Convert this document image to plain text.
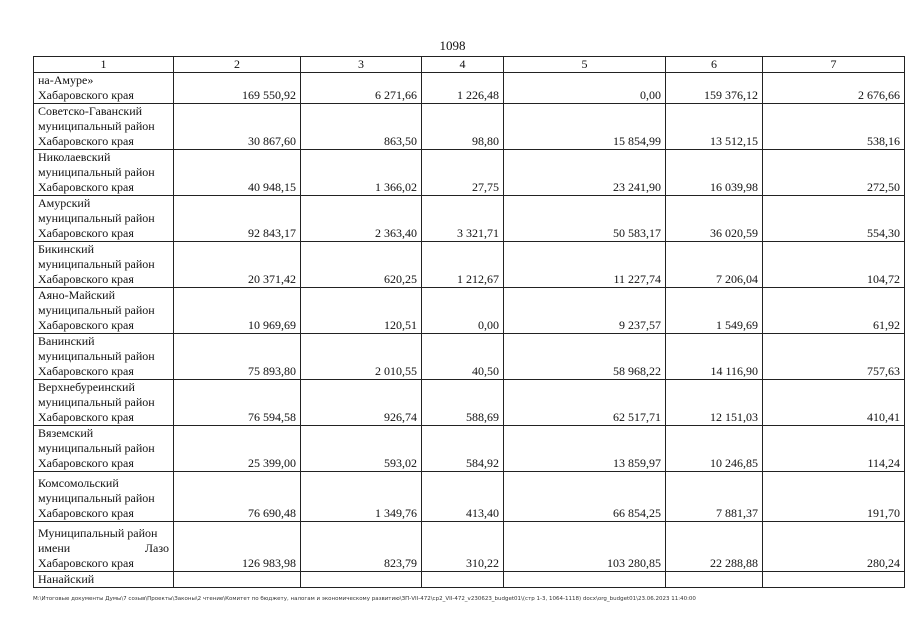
1098
1	2	3	4	5	6	7

на-Амуре»
Хабаровского края	169 550,92	6 271,66	1 226,48	0,00	159 376,12	2 676,66

Советско-Гаванский
муниципальный район
Хабаровского края	30 867,60	863,50	98,80	15 854,99	13 512,15	538,16

Николаевский
муниципальный район
Хабаровского края	40 948,15	1 366,02	27,75	23 241,90	16 039,98	272,50

Амурский
муниципальный район
Хабаровского края	92 843,17	2 363,40	3 321,71	50 583,17	36 020,59	554,30

Бикинский
муниципальный район
Хабаровского края	20 371,42	620,25	1 212,67	11 227,74	7 206,04	104,72

Аяно-Майский
муниципальный район
Хабаровского края	10 969,69	120,51	0,00	9 237,57	1 549,69	61,92

Ванинский
муниципальный район
Хабаровского края	75 893,80	2 010,55	40,50	58 968,22	14 116,90	757,63

Верхнебуреинский
муниципальный район
Хабаровского края	76 594,58	926,74	588,69	62 517,71	12 151,03	410,41

Вяземский
муниципальный район
Хабаровского края	25 399,00	593,02	584,92	13 859,97	10 246,85	114,24

Комсомольский
муниципальный район
Хабаровского края	76 690,48	1 349,76	413,40	66 854,25	7 881,37	191,70

Муниципальный район
имени Лазо
Хабаровского края	126 983,98	823,79	310,22	103 280,85	22 288,88	280,24

Нанайский						

M:\Итоговые документы Думы\7 созыв\Проекты\Законы\2 чтение\Комитет по бюджету, налогам и экономическому развитию\ЗП-VII-472\cp2_VII-472_v230623_budget01\(стр 1-3, 1064-1118) docx\org_budget01\23.06.2023 11:40:00
